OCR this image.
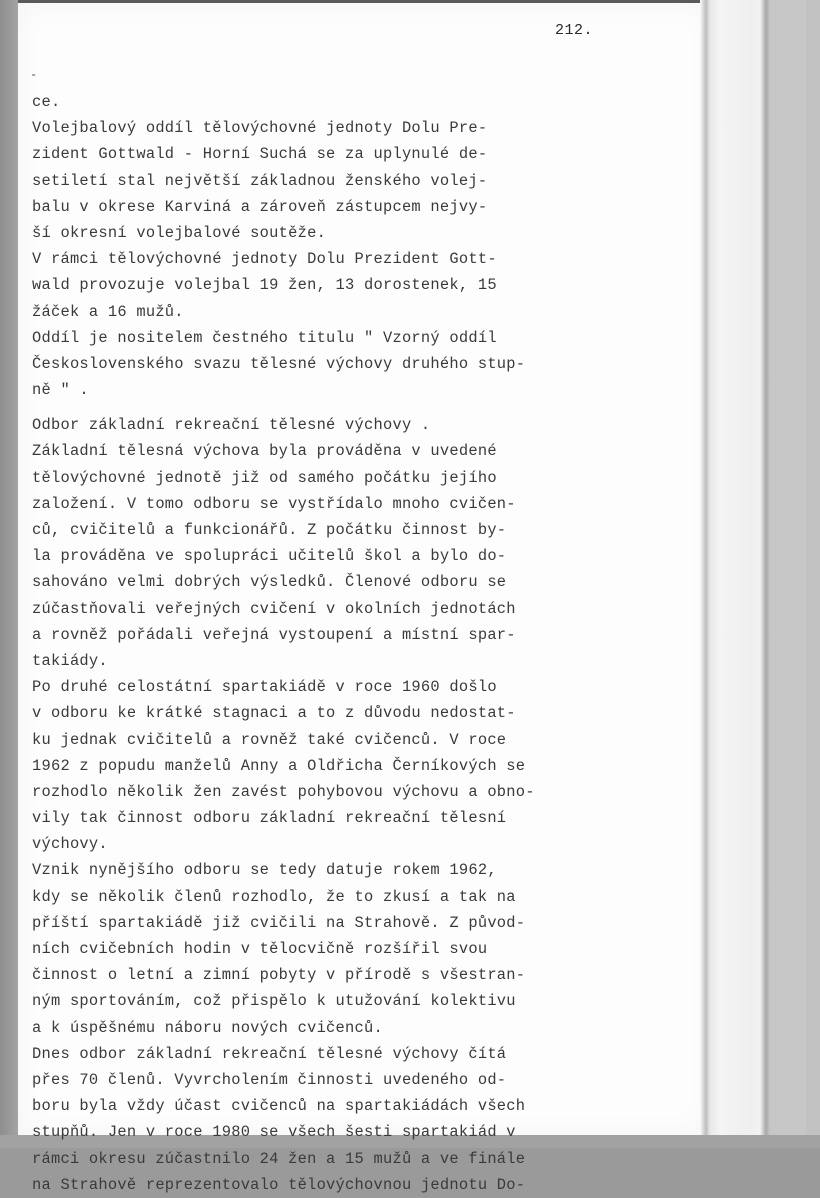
212.
-
ce.
Volejbalový oddíl tělovýchovné jednoty Dolu Pre-
zident Gottwald - Horní Suchá se za uplynulé de-
setiletí stal největší základnou ženského volej-
balu v okrese Karviná a zároveň zástupcem nejvy-
ší okresní volejbalové soutěže.
V rámci tělovýchovné jednoty Dolu Prezident Gott-
wald provozuje volejbal 19 žen, 13 dorostenek, 15
žáček a 16 mužů.
Oddíl je nositelem čestného titulu " Vzorný oddíl
Československého svazu tělesné výchovy druhého stup-
ně " .
Odbor základní rekreační tělesné výchovy .
Základní tělesná výchova byla prováděna v uvedené
tělovýchovné jednotě již od samého počátku jejího
založení. V tomo odboru se vystřídalo mnoho cvičen-
ců, cvičitelů a funkcionářů. Z počátku činnost by-
la prováděna ve spolupráci učitelů škol a bylo do-
sahováno velmi dobrých výsledků. Členové odboru se
zúčastňovali veřejných cvičení v okolních jednotách
a rovněž pořádali veřejná vystoupení a místní spar-
takiády.
Po druhé celostátní spartakiádě v roce 1960 došlo
v odboru ke krátké stagnaci a to z důvodu nedostat-
ku jednak cvičitelů a rovněž také cvičenců. V roce
1962 z popudu manželů Anny a Oldřicha Černíkových se
rozhodlo několik žen zavést pohybovou výchovu a obno-
vily tak činnost odboru základní rekreační tělesní
výchovy.
Vznik nynějšího odboru se tedy datuje rokem 1962,
kdy se několik členů rozhodlo, že to zkusí a tak na
příští spartakiádě již cvičili na Strahově. Z původ-
ních cvičebních hodin v tělocvičně rozšířil svou
činnost o letní a zimní pobyty v přírodě s všestran-
ným sportováním, což přispělo k utužování kolektivu
a k úspěšnému náboru nových cvičenců.
Dnes odbor základní rekreační tělesné výchovy čítá
přes 70 členů. Vyvrcholením činnosti uvedeného od-
boru byla vždy účast cvičenců na spartakiádách všech
stupňů. Jen v roce 1980 se všech šesti spartakiád v
rámci okresu zúčastnilo 24 žen a 15 mužů a ve finále
na Strahově reprezentovalo tělovýchovnou jednotu Do-
